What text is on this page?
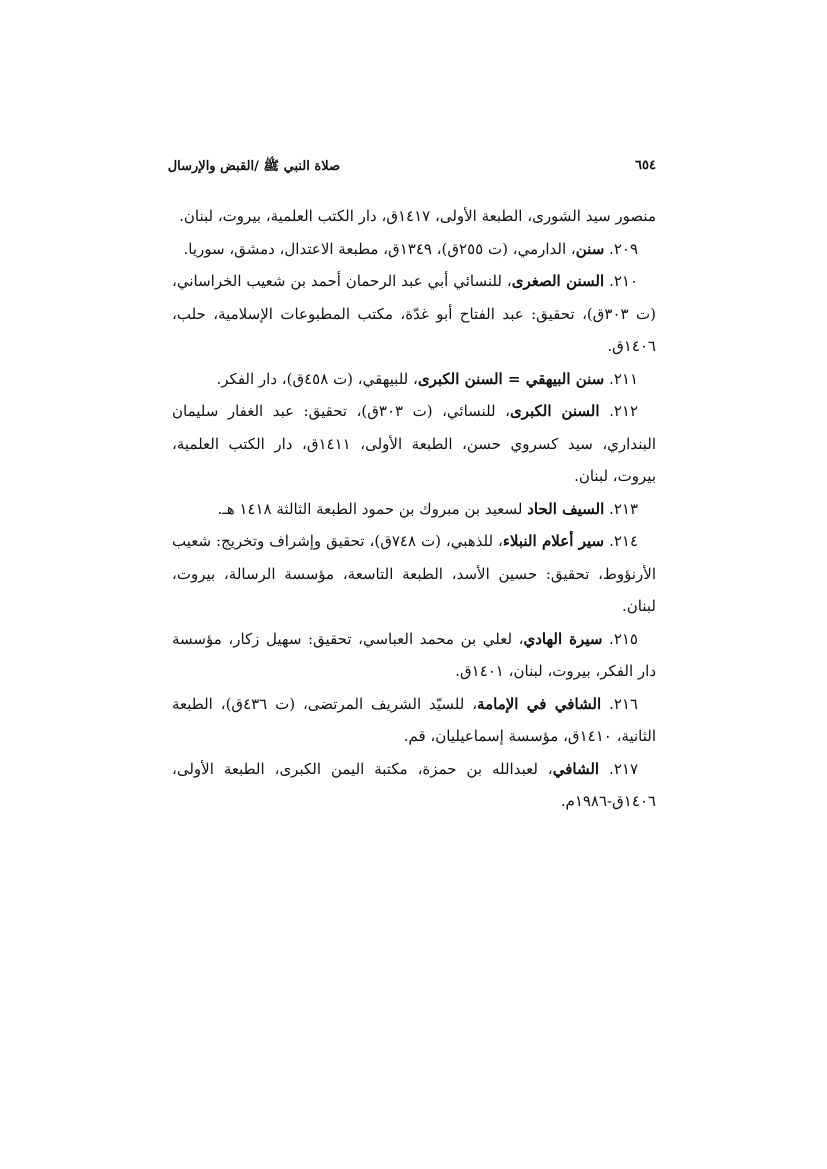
صلاة النبي ﷺ /القبض والإرسال	٦٥٤

منصور سيد الشورى، الطبعة الأولى، ١٤١٧ق، دار الكتب العلمية، بيروت، لبنان.

٢٠٩. سنن، الدارمي، (ت ٢٥٥ق)، ١٣٤٩ق، مطبعة الاعتدال، دمشق، سوريا.

٢١٠. السنن الصغرى، للنسائي أبي عبد الرحمان أحمد بن شعيب الخراساني، (ت ٣٠٣ق)، تحقيق: عبد الفتاح أبو غدّة، مكتب المطبوعات الإسلامية، حلب، ١٤٠٦ق.

٢١١. سنن البيهقي = السنن الكبرى، للبيهقي، (ت ٤٥٨ق)، دار الفكر.

٢١٢. السنن الكبرى، للنسائي، (ت ٣٠٣ق)، تحقيق: عبد الغفار سليمان البنداري، سيد كسروي حسن، الطبعة الأولى، ١٤١١ق، دار الكتب العلمية، بيروت، لبنان.

٢١٣. السيف الحاد لسعيد بن مبروك بن حمود الطبعة الثالثة ١٤١٨ هـ.

٢١٤. سير أعلام النبلاء، للذهبي، (ت ٧٤٨ق)، تحقيق وإشراف وتخريج: شعيب الأرنؤوط، تحقيق: حسين الأسد، الطبعة التاسعة، مؤسسة الرسالة، بيروت، لبنان.

٢١٥. سيرة الهادي، لعلي بن محمد العباسي، تحقيق: سهيل زكار، مؤسسة دار الفكر، بيروت، لبنان، ١٤٠١ق.

٢١٦. الشافي في الإمامة، للسيّد الشريف المرتضى، (ت ٤٣٦ق)، الطبعة الثانية، ١٤١٠ق، مؤسسة إسماعيليان، قم.

٢١٧. الشافي، لعبدالله بن حمزة، مكتبة اليمن الكبرى، الطبعة الأولى، ١٤٠٦ق-١٩٨٦م.
